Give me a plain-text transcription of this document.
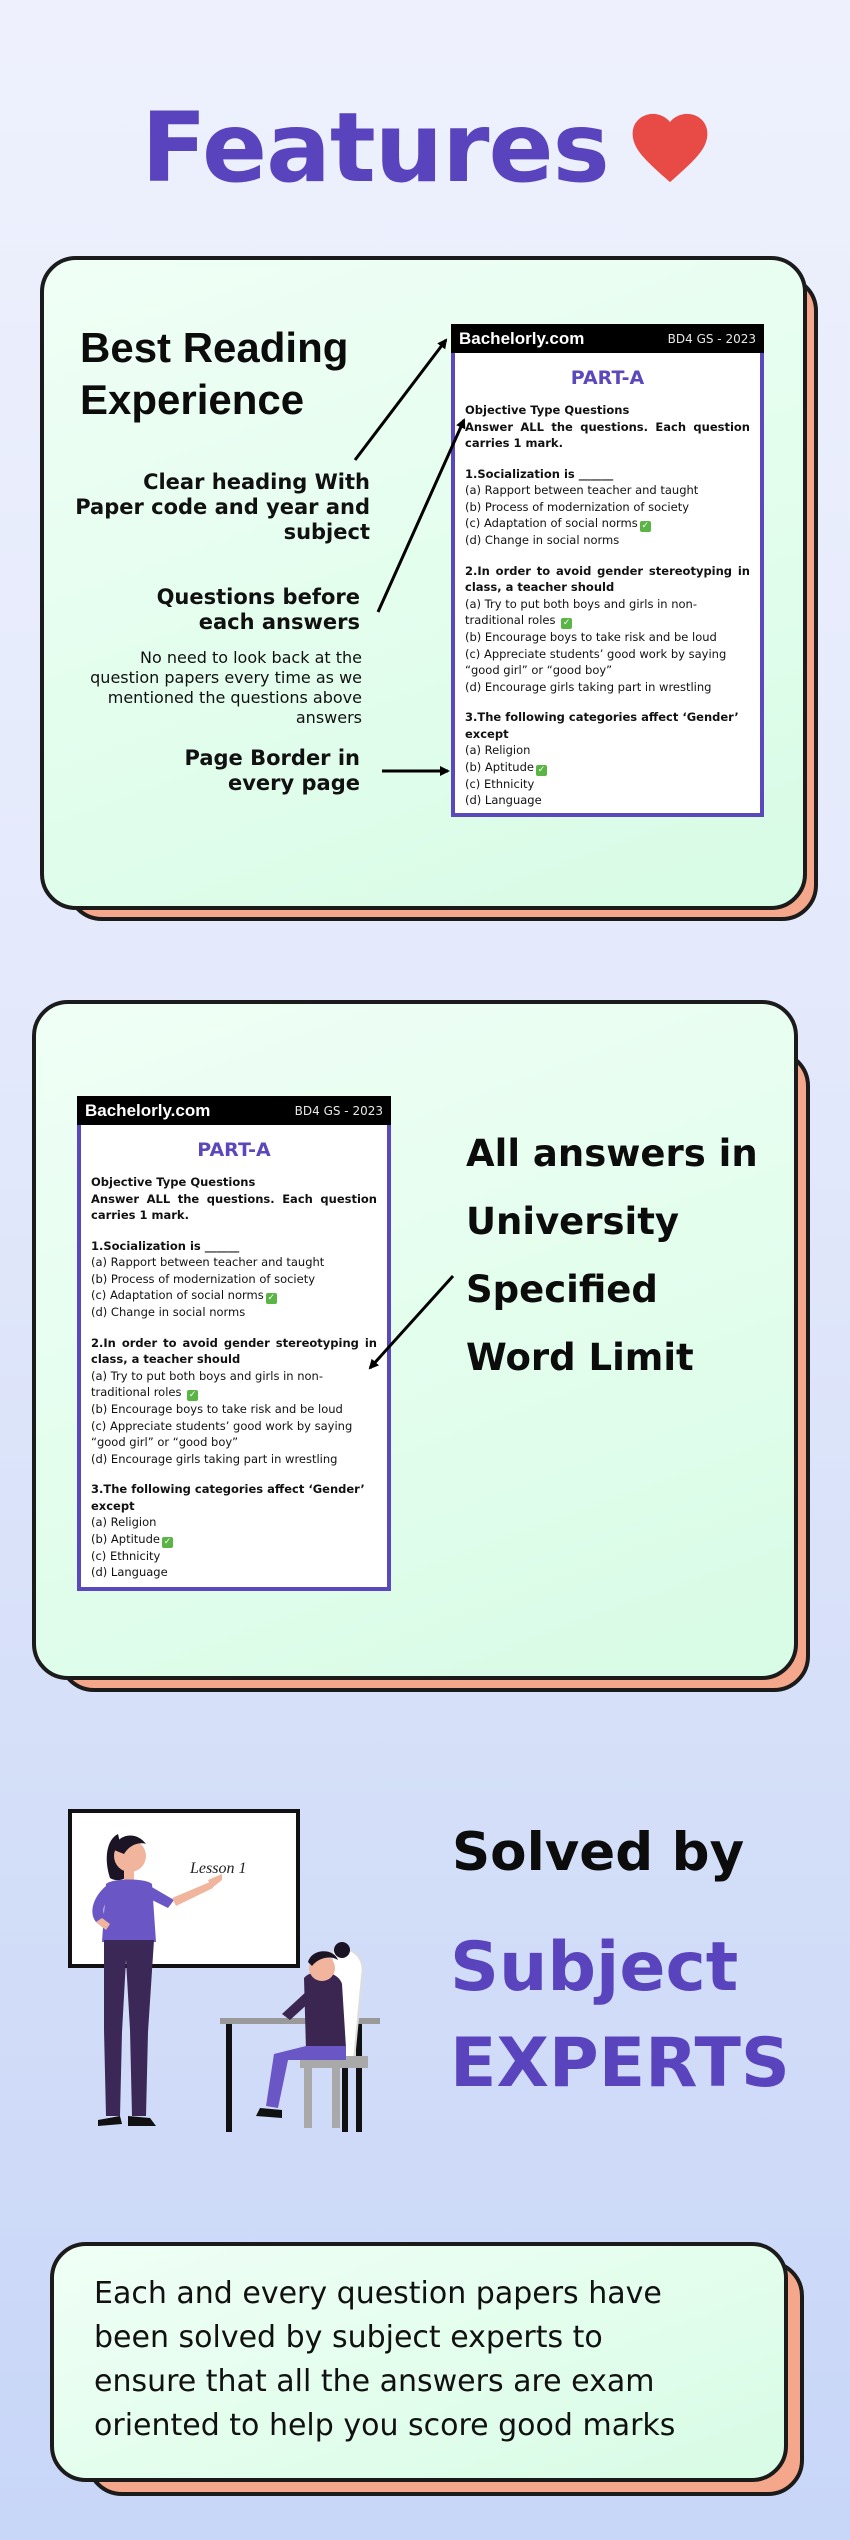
Features
Best Reading
Experience
Clear heading With Paper code and year and subject
Questions before each answers
No need to look back at the question papers every time as we mentioned the questions above answers
Page Border in every page
Bachelorly.com	BD4 GS - 2023
PART-A
Objective Type Questions
Answer ALL the questions. Each question carries 1 mark.
1.Socialization is ______
(a) Rapport between teacher and taught
(b) Process of modernization of society
(c) Adaptation of social norms ✓
(d) Change in social norms
2.In order to avoid gender stereotyping in class, a teacher should
(a) Try to put both boys and girls in non-traditional roles ✓
(b) Encourage boys to take risk and be loud
(c) Appreciate students’ good work by saying “good girl” or “good boy”
(d) Encourage girls taking part in wrestling
3.The following categories affect ‘Gender’ except
(a) Religion
(b) Aptitude ✓
(c) Ethnicity
(d) Language
Bachelorly.com	BD4 GS - 2023
PART-A
Objective Type Questions
Answer ALL the questions. Each question carries 1 mark.
1.Socialization is ______
(a) Rapport between teacher and taught
(b) Process of modernization of society
(c) Adaptation of social norms ✓
(d) Change in social norms
2.In order to avoid gender stereotyping in class, a teacher should
(a) Try to put both boys and girls in non-traditional roles ✓
(b) Encourage boys to take risk and be loud
(c) Appreciate students’ good work by saying “good girl” or “good boy”
(d) Encourage girls taking part in wrestling
3.The following categories affect ‘Gender’ except
(a) Religion
(b) Aptitude ✓
(c) Ethnicity
(d) Language
All answers in
University
Specified
Word Limit
Lesson 1	Solved by
Subject
EXPERTS
Each and every question papers have
been solved by subject experts to
ensure that all the answers are exam
oriented to help you score good marks
